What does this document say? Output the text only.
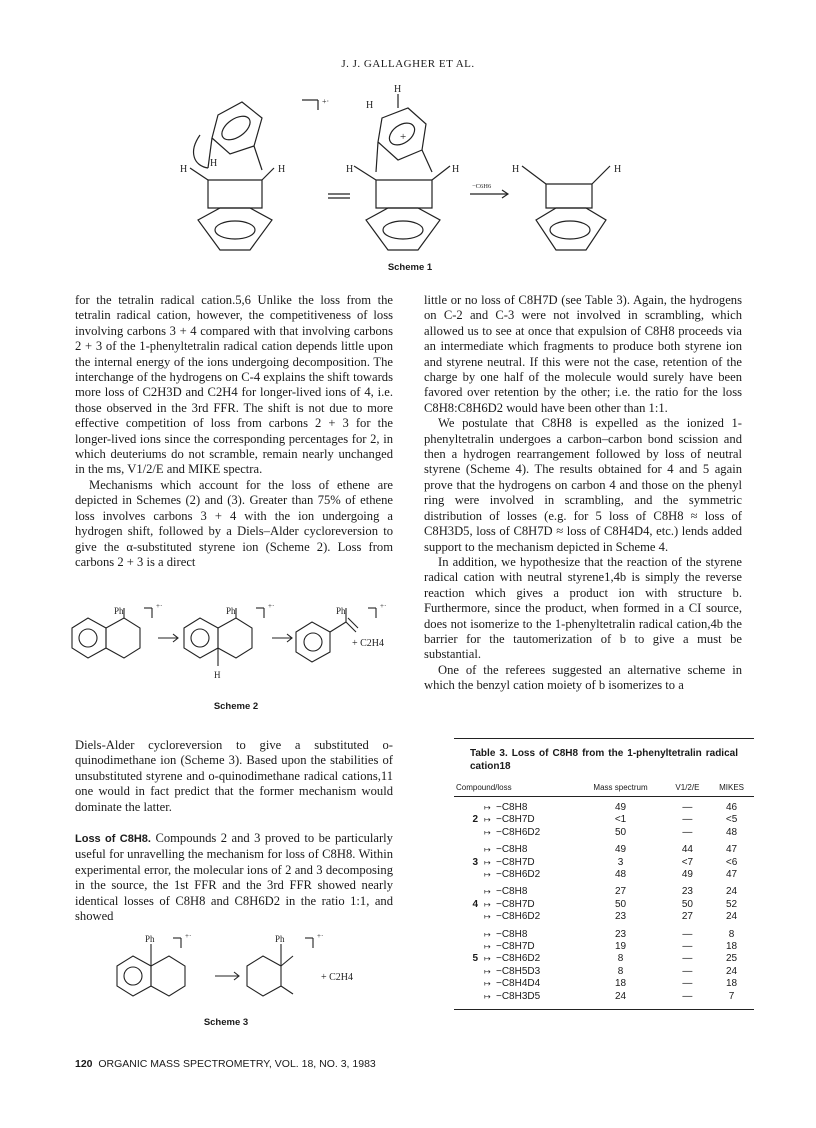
J. J. GALLAGHER ET AL.
H
H
H
+·
H
H
+
H	H
−C6H6
H	H
Scheme 1

for the tetralin radical cation.5,6 Unlike the loss from the tetralin radical cation, however, the competitiveness of loss involving carbons 3 + 4 compared with that involving carbons 2 + 3 of the 1-phenyltetralin radical cation depends little upon the internal energy of the ions undergoing decomposition. The interchange of the hydrogens on C-4 explains the shift towards more loss of C2H3D and C2H4 for longer-lived ions of 4, i.e. those observed in the 3rd FFR. The shift is not due to more effective competition of loss from carbons 2 + 3 for the longer-lived ions since the corresponding percentages for 2, in which deuteriums do not scramble, remain nearly unchanged in the ms, V1/2/E and MIKE spectra.

Mechanisms which account for the loss of ethene are depicted in Schemes (2) and (3). Greater than 75% of ethene loss involves carbons 3 + 4 with the ion undergoing a hydrogen shift, followed by a Diels–Alder cycloreversion to give the α-substituted styrene ion (Scheme 2). Loss from carbons 2 + 3 is a direct

Ph	+·	Ph	+·
H
Ph	+·
+ C2H4
Scheme 2

Diels-Alder cycloreversion to give a substituted o-quinodimethane ion (Scheme 3). Based upon the stabilities of unsubstituted styrene and o-quinodimethane radical cations,11 one would in fact predict that the former mechanism would dominate the latter.

Loss of C8H8. Compounds 2 and 3 proved to be particularly useful for unravelling the mechanism for loss of C8H8. Within experimental error, the molecular ions of 2 and 3 decomposing in the source, the 1st FFR and the 3rd FFR showed nearly identical losses of C8H8 and C8H6D2 in the ratio 1:1, and showed

Ph	+·	Ph	+·
+ C2H4
Scheme 3

little or no loss of C8H7D (see Table 3). Again, the hydrogens on C-2 and C-3 were not involved in scrambling, which allowed us to see at once that expulsion of C8H8 proceeds via an intermediate which fragments to produce both styrene ion and styrene neutral. If this were not the case, retention of the charge by one half of the molecule would surely have been favored over retention by the other; i.e. the ratio for the loss C8H8:C8H6D2 would have been other than 1:1.

We postulate that C8H8 is expelled as the ionized 1-phenyltetralin undergoes a carbon–carbon bond scission and then a hydrogen rearrangement followed by loss of neutral styrene (Scheme 4). The results obtained for 4 and 5 again prove that the hydrogens on carbon 4 and those on the phenyl ring were involved in scrambling, and the symmetric distribution of losses (e.g. for 5 loss of C8H8 ≈ loss of C8H3D5, loss of C8H7D ≈ loss of C8H4D4, etc.) lends added support to the mechanism depicted in Scheme 4.

In addition, we hypothesize that the reaction of the styrene radical cation with neutral styrene1,4b is simply the reverse reaction which gives a product ion with structure b. Furthermore, since the product, when formed in a CI source, does not isomerize to the 1-phenyltetralin radical cation,4b the barrier for the tautomerization of b to give a must be substantial.

One of the referees suggested an alternative scheme in which the benzyl cation moiety of b isomerizes to a

Table 3. Loss of C8H8 from the 1-phenyltetralin radical cation18
Compound/loss		Mass spectrum	V1/2/E	MIKES
	↦ −C8H8	49	—	46
2	↦ −C8H7D	<1	—	<5
	↦ −C8H6D2	50	—	48
	↦ −C8H8	49	44	47
3	↦ −C8H7D	3	<7	<6
	↦ −C8H6D2	48	49	47
	↦ −C8H8	27	23	24
4	↦ −C8H7D	50	50	52
	↦ −C8H6D2	23	27	24
	↦ −C8H8	23	—	8
	↦ −C8H7D	19	—	18
5	↦ −C8H6D2	8	—	25
	↦ −C8H5D3	8	—	24
	↦ −C8H4D4	18	—	18
	↦ −C8H3D5	24	—	7
120 ORGANIC MASS SPECTROMETRY, VOL. 18, NO. 3, 1983
